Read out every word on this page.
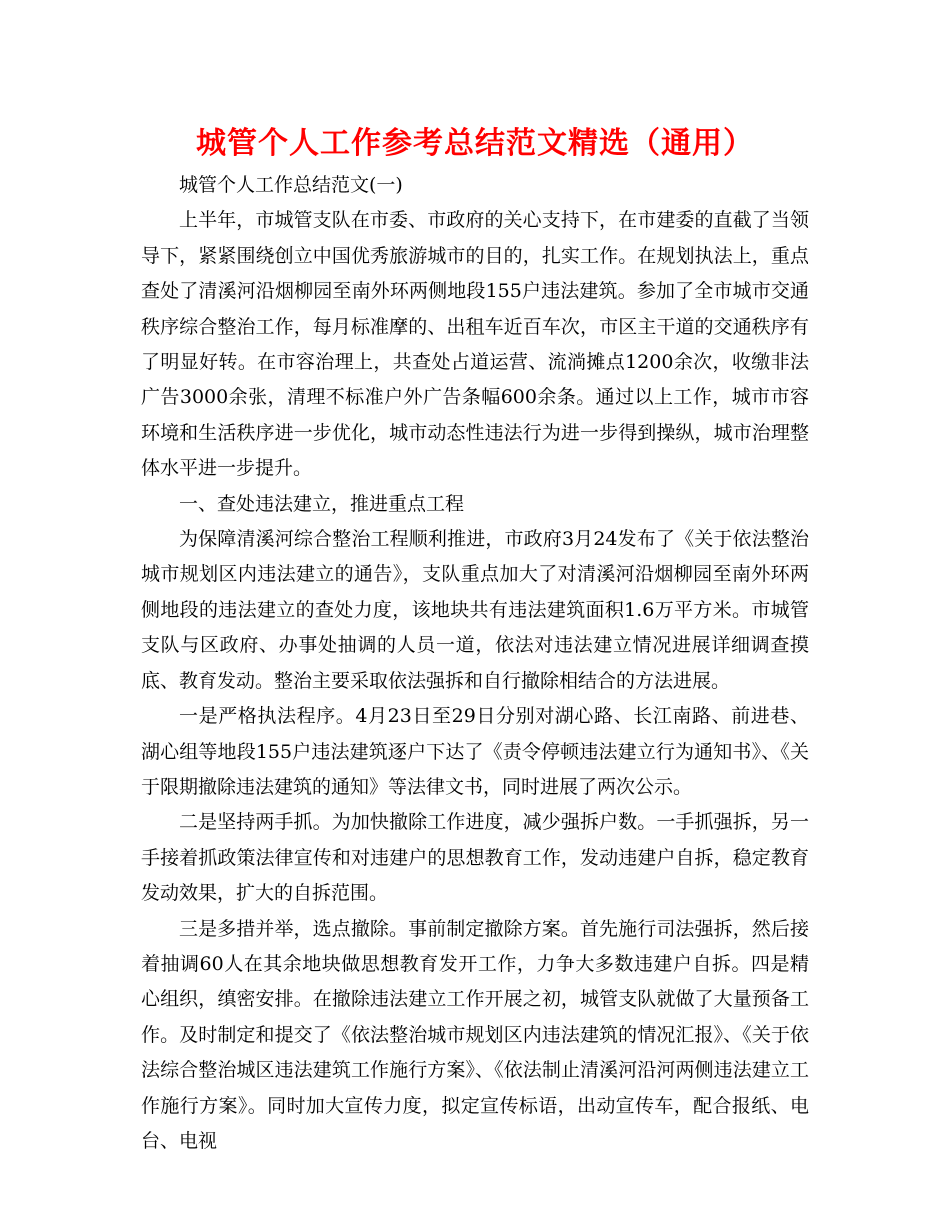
城管个人工作参考总结范文精选（通用）

城管个人工作总结范文(一)

上半年，市城管支队在市委、市政府的关心支持下，在市建委的直截了当领导下，紧紧围绕创立中国优秀旅游城市的目的，扎实工作。在规划执法上，重点查处了清溪河沿烟柳园至南外环两侧地段155户违法建筑。参加了全市城市交通秩序综合整治工作，每月标准摩的、出租车近百车次，市区主干道的交通秩序有了明显好转。在市容治理上，共查处占道运营、流淌摊点1200余次，收缴非法广告3000余张，清理不标准户外广告条幅600余条。通过以上工作，城市市容环境和生活秩序进一步优化，城市动态性违法行为进一步得到操纵，城市治理整体水平进一步提升。

一、查处违法建立，推进重点工程

为保障清溪河综合整治工程顺利推进，市政府3月24发布了《关于依法整治城市规划区内违法建立的通告》，支队重点加大了对清溪河沿烟柳园至南外环两侧地段的违法建立的查处力度，该地块共有违法建筑面积1.6万平方米。市城管支队与区政府、办事处抽调的人员一道，依法对违法建立情况进展详细调查摸底、教育发动。整治主要采取依法强拆和自行撤除相结合的方法进展。

一是严格执法程序。4月23日至29日分别对湖心路、长江南路、前进巷、湖心组等地段155户违法建筑逐户下达了《责令停顿违法建立行为通知书》、《关于限期撤除违法建筑的通知》等法律文书，同时进展了两次公示。

二是坚持两手抓。为加快撤除工作进度，减少强拆户数。一手抓强拆，另一手接着抓政策法律宣传和对违建户的思想教育工作，发动违建户自拆，稳定教育发动效果，扩大的自拆范围。

三是多措并举，选点撤除。事前制定撤除方案。首先施行司法强拆，然后接着抽调60人在其余地块做思想教育发开工作，力争大多数违建户自拆。四是精心组织，缜密安排。在撤除违法建立工作开展之初，城管支队就做了大量预备工作。及时制定和提交了《依法整治城市规划区内违法建筑的情况汇报》、《关于依法综合整治城区违法建筑工作施行方案》、《依法制止清溪河沿河两侧违法建立工作施行方案》。同时加大宣传力度，拟定宣传标语，出动宣传车，配合报纸、电台、电视
